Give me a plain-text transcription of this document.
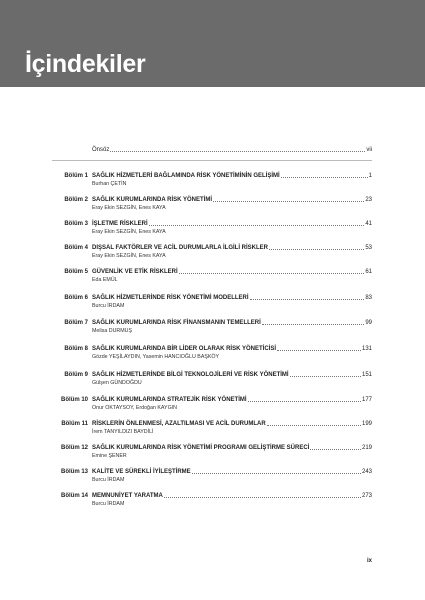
İçindekiler
Önsöz	vii
Bölüm 1 SAĞLIK HİZMETLERİ BAĞLAMINDA RİSK YÖNETİMİNİN GELİŞİMİ	1
Burhan ÇETİN
Bölüm 2 SAĞLIK KURUMLARINDA RİSK YÖNETİMİ	23
Eray Ekin SEZGİN, Enes KAYA
Bölüm 3 İŞLETME RİSKLERİ	41
Eray Ekin SEZGİN, Enes KAYA
Bölüm 4 DIŞSAL FAKTÖRLER VE ACİL DURUMLARLA İLGİLİ RİSKLER	53
Eray Ekin SEZGİN, Enes KAYA
Bölüm 5 GÜVENLİK VE ETİK RİSKLERİ	61
Eda EMÜL
Bölüm 6 SAĞLIK HİZMETLERİNDE RİSK YÖNETİMİ MODELLERİ	83
Burcu İRDAM
Bölüm 7 SAĞLIK KURUMLARINDA RİSK FİNANSMANIN TEMELLERİ	99
Melisa DURMUŞ
Bölüm 8 SAĞLIK KURUMLARINDA BİR LİDER OLARAK RİSK YÖNETİCİSİ	131
Gözde YEŞİLAYDIN, Yasemin HANCIOĞLU BAŞKÖY
Bölüm 9 SAĞLIK HİZMETLERİNDE BİLGİ TEKNOLOJİLERİ VE RİSK YÖNETİMİ	151
Gülşen GÜNDOĞDU
Bölüm 10 SAĞLIK KURUMLARINDA STRATEJİK RİSK YÖNETİMİ	177
Onur OKTAYSOY, Erdoğan KAYGIN
Bölüm 11 RİSKLERİN ÖNLENMESİ, AZALTILMASI VE ACİL DURUMLAR	199
İrem TANYILDIZI BAYDİLİ
Bölüm 12 SAĞLIK KURUMLARINDA RİSK YÖNETİMİ PROGRAMI GELİŞTİRME SÜRECİ	219
Emine ŞENER
Bölüm 13 KALİTE VE SÜREKLİ İYİLEŞTİRME	243
Burcu İRDAM
Bölüm 14 MEMNUNİYET YARATMA	273
Burcu İRDAM
ix
